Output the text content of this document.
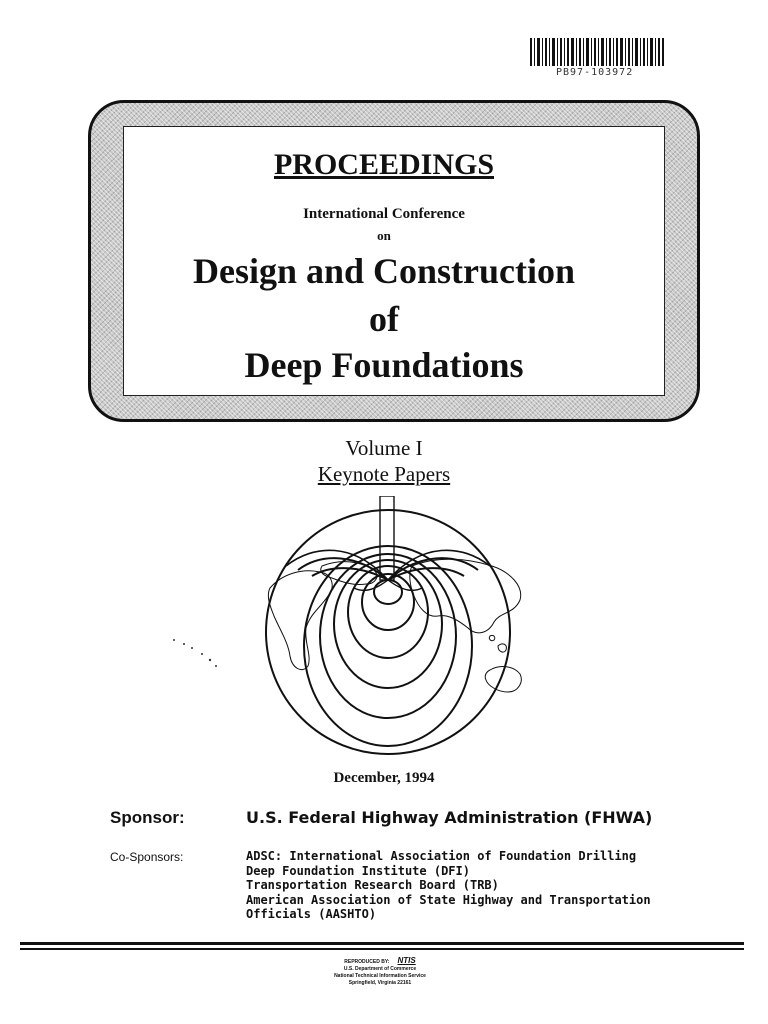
PB97-103972
PROCEEDINGS
International Conference
on
Design and Construction
of
Deep Foundations
Volume I
Keynote Papers
December, 1994
Sponsor:	U.S. Federal Highway Administration (FHWA)
Co-Sponsors:	ADSC: International Association of Foundation Drilling
Deep Foundation Institute (DFI)
Transportation Research Board (TRB)
American Association of State Highway and Transportation
Officials (AASHTO)
REPRODUCED BY: NTIS
U.S. Department of Commerce
National Technical Information Service
Springfield, Virginia 22161
